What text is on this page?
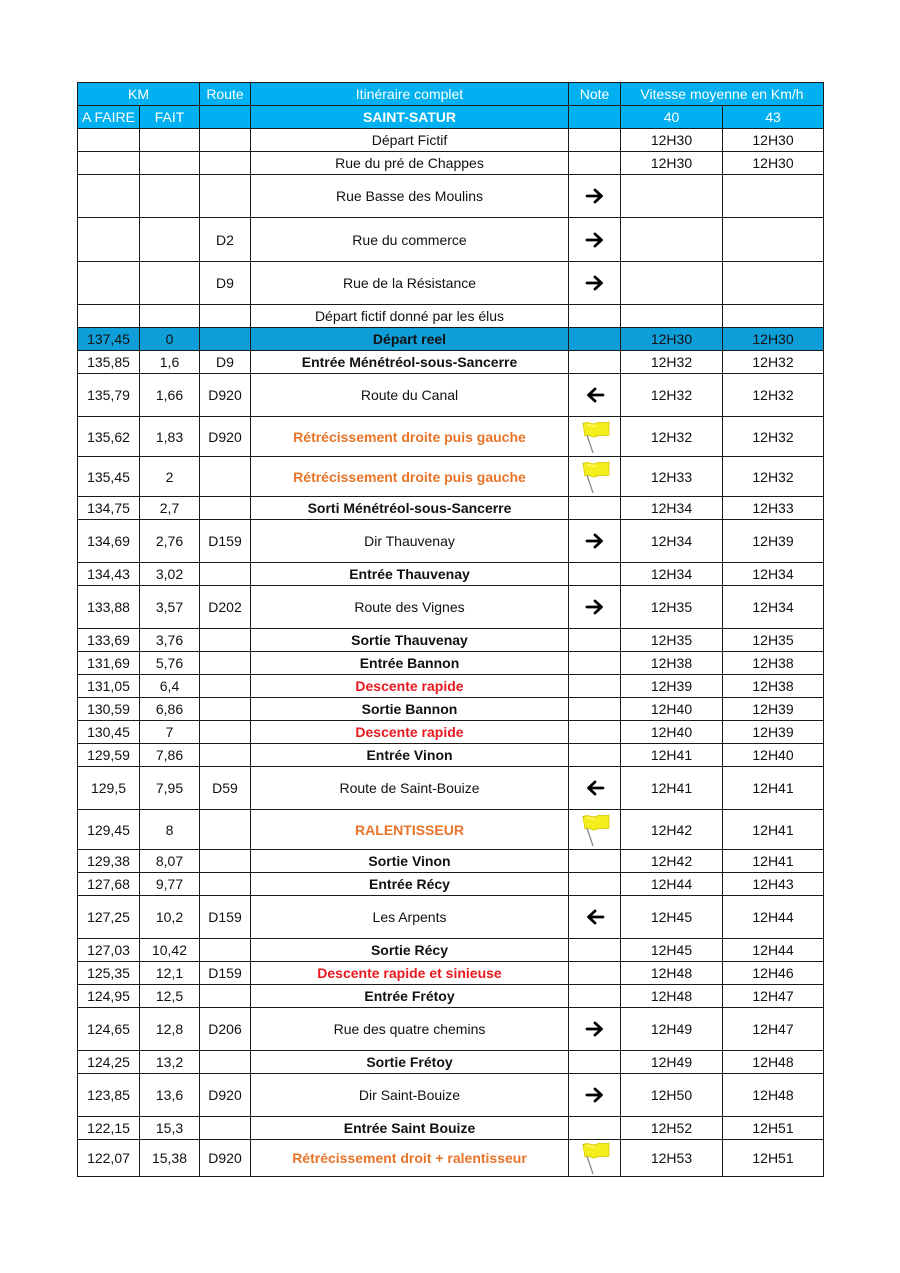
KM		Route	Itinéraire complet	Note	Vitesse moyenne en Km/h	
A FAIRE	FAIT		SAINT-SATUR		40	43
			Départ Fictif		12H30	12H30
			Rue du pré de Chappes		12H30	12H30
			Rue Basse des Moulins	

		D2	Rue du commerce	

		D9	Rue de la Résistance	

			Départ fictif donné par les élus			
137,45	0		Départ reel		12H30	12H30
135,85	1,6	D9	Entrée Ménétréol-sous-Sancerre		12H32	12H32
135,79	1,66	D920	Route du Canal		12H32	12H32
135,62	1,83	D920	Rétrécissement droite puis gauche		12H32	12H32
135,45	2		Rétrécissement droite puis gauche		12H33	12H32
134,75	2,7		Sorti Ménétréol-sous-Sancerre		12H34	12H33
134,69	2,76	D159	Dir Thauvenay		12H34	12H39
134,43	3,02		Entrée Thauvenay		12H34	12H34
133,88	3,57	D202	Route des Vignes		12H35	12H34
133,69	3,76		Sortie Thauvenay		12H35	12H35
131,69	5,76		Entrée Bannon		12H38	12H38
131,05	6,4		Descente rapide		12H39	12H38
130,59	6,86		Sortie Bannon		12H40	12H39
130,45	7		Descente rapide		12H40	12H39
129,59	7,86		Entrée Vinon		12H41	12H40
129,5	7,95	D59	Route de Saint-Bouize		12H41	12H41
129,45	8		RALENTISSEUR		12H42	12H41
129,38	8,07		Sortie Vinon		12H42	12H41
127,68	9,77		Entrée Récy		12H44	12H43
127,25	10,2	D159	Les Arpents		12H45	12H44
127,03	10,42		Sortie Récy		12H45	12H44
125,35	12,1	D159	Descente rapide et sinieuse		12H48	12H46
124,95	12,5		Entrée Frétoy		12H48	12H47
124,65	12,8	D206	Rue des quatre chemins		12H49	12H47
124,25	13,2		Sortie Frétoy		12H49	12H48
123,85	13,6	D920	Dir Saint-Bouize		12H50	12H48
122,15	15,3		Entrée Saint Bouize		12H52	12H51
122,07	15,38	D920	Rétrécissement droit + ralentisseur		12H53	12H51
